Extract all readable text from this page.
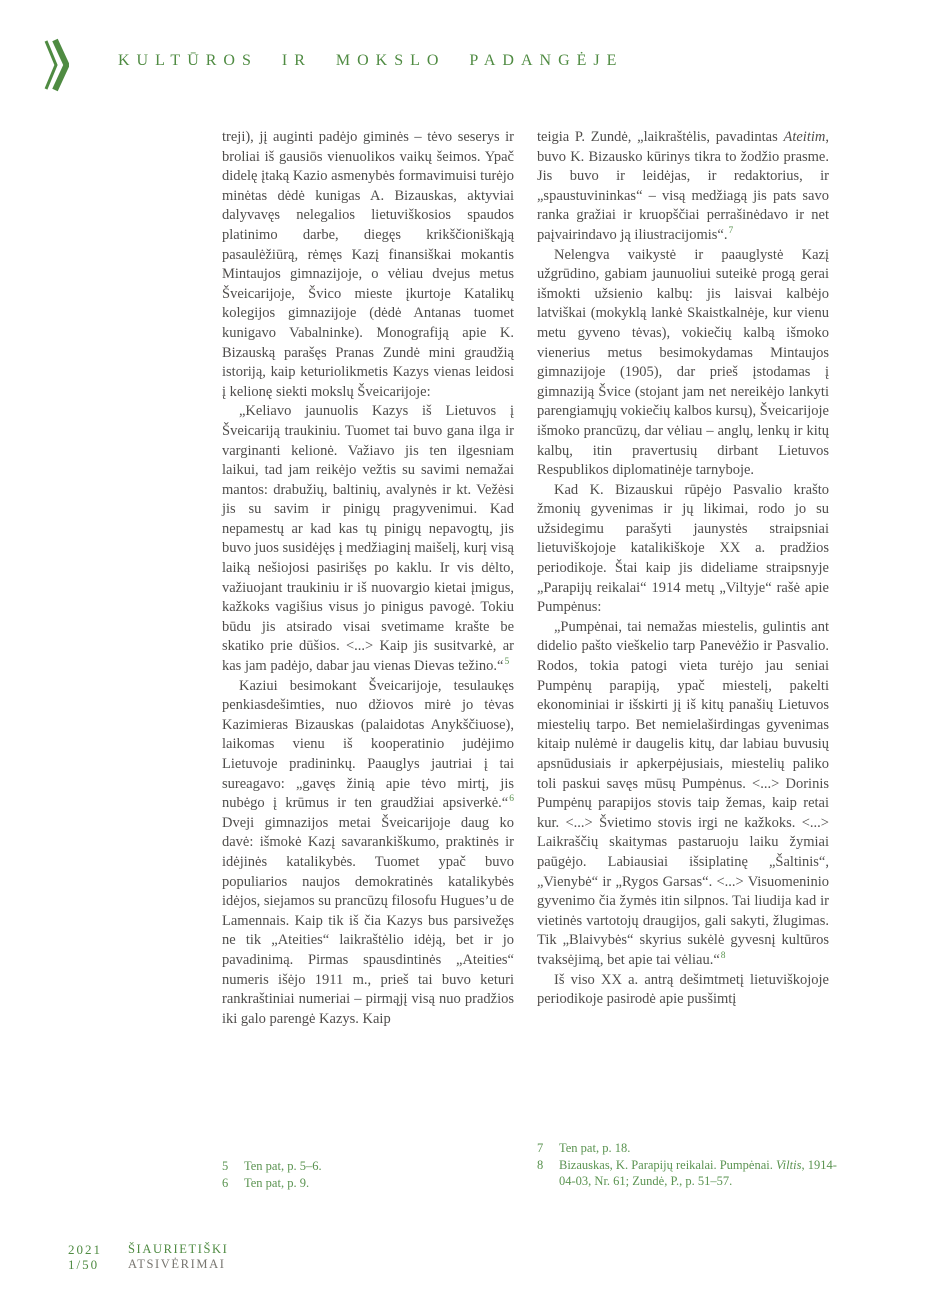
KULTŪROS IR MOKSLO PADANGĖJE

treji), jį auginti padėjo giminės – tėvo seserys ir broliai iš gausiōs vienuolikos vaikų šeimos. Ypač didelę įtaką Kazio asmenybės formavimuisi turėjo minėtas dėdė kunigas A. Bizauskas, aktyviai dalyvavęs nelegalios lietuviškosios spaudos platinimo darbe, diegęs krikščioniškąją pasaulėžiūrą, rėmęs Kazį finansiškai mokantis Mintaujos gimnazijoje, o vėliau dvejus metus Šveicarijoje, Švico mieste įkurtoje Katalikų kolegijos gimnazijoje (dėdė Antanas tuomet kunigavo Vabalninke). Monografiją apie K. Bizauską parašęs Pranas Zundė mini graudžią istoriją, kaip keturiolikmetis Kazys vienas leidosi į kelionę siekti mokslų Šveicarijoje:

„Keliavo jaunuolis Kazys iš Lietuvos į Šveicariją traukiniu. Tuomet tai buvo gana ilga ir varginanti kelionė. Važiavo jis ten ilgesniam laikui, tad jam reikėjo vežtis su savimi nemažai mantos: drabužių, baltinių, avalynės ir kt. Vežėsi jis su savim ir pinigų pragyvenimui. Kad nepamestų ar kad kas tų pinigų nepavogtų, jis buvo juos susidėjęs į medžiaginį maišelį, kurį visą laiką nešiojosi pasirišęs po kaklu. Ir vis dėlto, važiuojant traukiniu ir iš nuovargio kietai įmigus, kažkoks vagišius visus jo pinigus pavogė. Tokiu būdu jis atsirado visai svetimame krašte be skatiko prie dūšios. <...> Kaip jis susitvarkė, ar kas jam padėjo, dabar jau vienas Dievas težino.“$^5$

Kaziui besimokant Šveicarijoje, tesulaukęs penkiasdešimties, nuo džiovos mirė jo tėvas Kazimieras Bizauskas (palaidotas Anykščiuose), laikomas vienu iš kooperatinio judėjimo Lietuvoje pradininkų. Paauglys jautriai į tai sureagavo: „gavęs žinią apie tėvo mirtį, jis nubėgo į krūmus ir ten graudžiai apsiverkė.“$^6$ Dveji gimnazijos metai Šveicarijoje daug ko davė: išmokė Kazį savarankiškumo, praktinės ir idėjinės katalikybės. Tuomet ypač buvo populiarios naujos demokratinės katalikybės idėjos, siejamos su prancūzų filosofu Hugues’u de Lamennais. Kaip tik iš čia Kazys bus parsivežęs ne tik „Ateities“ laikraštėlio idėją, bet ir jo pavadinimą. Pirmas spausdintinės „Ateities“ numeris išėjo 1911 m., prieš tai buvo keturi rankraštiniai numeriai – pirmąjį visą nuo pradžios iki galo parengė Kazys. Kaip

teigia P. Zundė, „laikraštėlis, pavadintas Ateitim, buvo K. Bizausko kūrinys tikra to žodžio prasme. Jis buvo ir leidėjas, ir redaktorius, ir „spaustuvininkas“ – visą medžiagą jis pats savo ranka gražiai ir kruopščiai perrašinėdavo ir net paįvairindavo ją iliustracijomis“.$^7$

Nelengva vaikystė ir paauglystė Kazį užgrūdino, gabiam jaunuoliui suteikė progą gerai išmokti užsienio kalbų: jis laisvai kalbėjo latviškai (mokyklą lankė Skaistkalnėje, kur vienu metu gyveno tėvas), vokiečių kalbą išmoko vienerius metus besimokydamas Mintaujos gimnazijoje (1905), dar prieš įstodamas į gimnaziją Švice (stojant jam net nereikėjo lankyti parengiamųjų vokiečių kalbos kursų), Šveicarijoje išmoko prancūzų, dar vėliau – anglų, lenkų ir kitų kalbų, itin pravertusių dirbant Lietuvos Respublikos diplomatinėje tarnyboje.

Kad K. Bizauskui rūpėjo Pasvalio krašto žmonių gyvenimas ir jų likimai, rodo jo su užsidegimu parašyti jaunystės straipsniai lietuviškojoje katalikiškoje XX a. pradžios periodikoje. Štai kaip jis dideliame straipsnyje „Parapijų reikalai“ 1914 metų „Viltyje“ rašė apie Pumpėnus:

„Pumpėnai, tai nemažas miestelis, gulintis ant didelio pašto vieškelio tarp Panevėžio ir Pasvalio. Rodos, tokia patogi vieta turėjo jau seniai Pumpėnų parapiją, ypač miestelį, pakelti ekonominiai ir išskirti jį iš kitų panašių Lietuvos miestelių tarpo. Bet nemielaširdingas gyvenimas kitaip nulėmė ir daugelis kitų, dar labiau buvusių apsnūdusiais ir apkerpėjusiais, miestelių paliko toli paskui savęs mūsų Pumpėnus. <...> Dorinis Pumpėnų parapijos stovis taip žemas, kaip retai kur. <...> Švietimo stovis irgi ne kažkoks. <...> Laikraščių skaitymas pastaruoju laiku žymiai paūgėjo. Labiausiai išsiplatinę „Šaltinis“, „Vienybė“ ir „Rygos Garsas“. <...> Visuomeninio gyvenimo čia žymės itin silpnos. Tai liudija kad ir vietinės vartotojų draugijos, gali sakyti, žlugimas. Tik „Blaivybės“ skyrius sukėlė gyvesnį kultūros tvaksėjimą, bet apie tai vėliau.“$^8$

Iš viso XX a. antrą dešimtmetį lietuviškojoje periodikoje pasirodė apie pusšimtį

5	Ten pat, p. 5–6.
6	Ten pat, p. 9.
7	Ten pat, p. 18.
8	Bizauskas, K. Parapijų reikalai. Pumpėnai. Viltis, 1914-04-03, Nr. 61; Zundė, P., p. 51–57.
2021
1/50
ŠIAURIETIŠKI
ATSIVĖRIMAI
